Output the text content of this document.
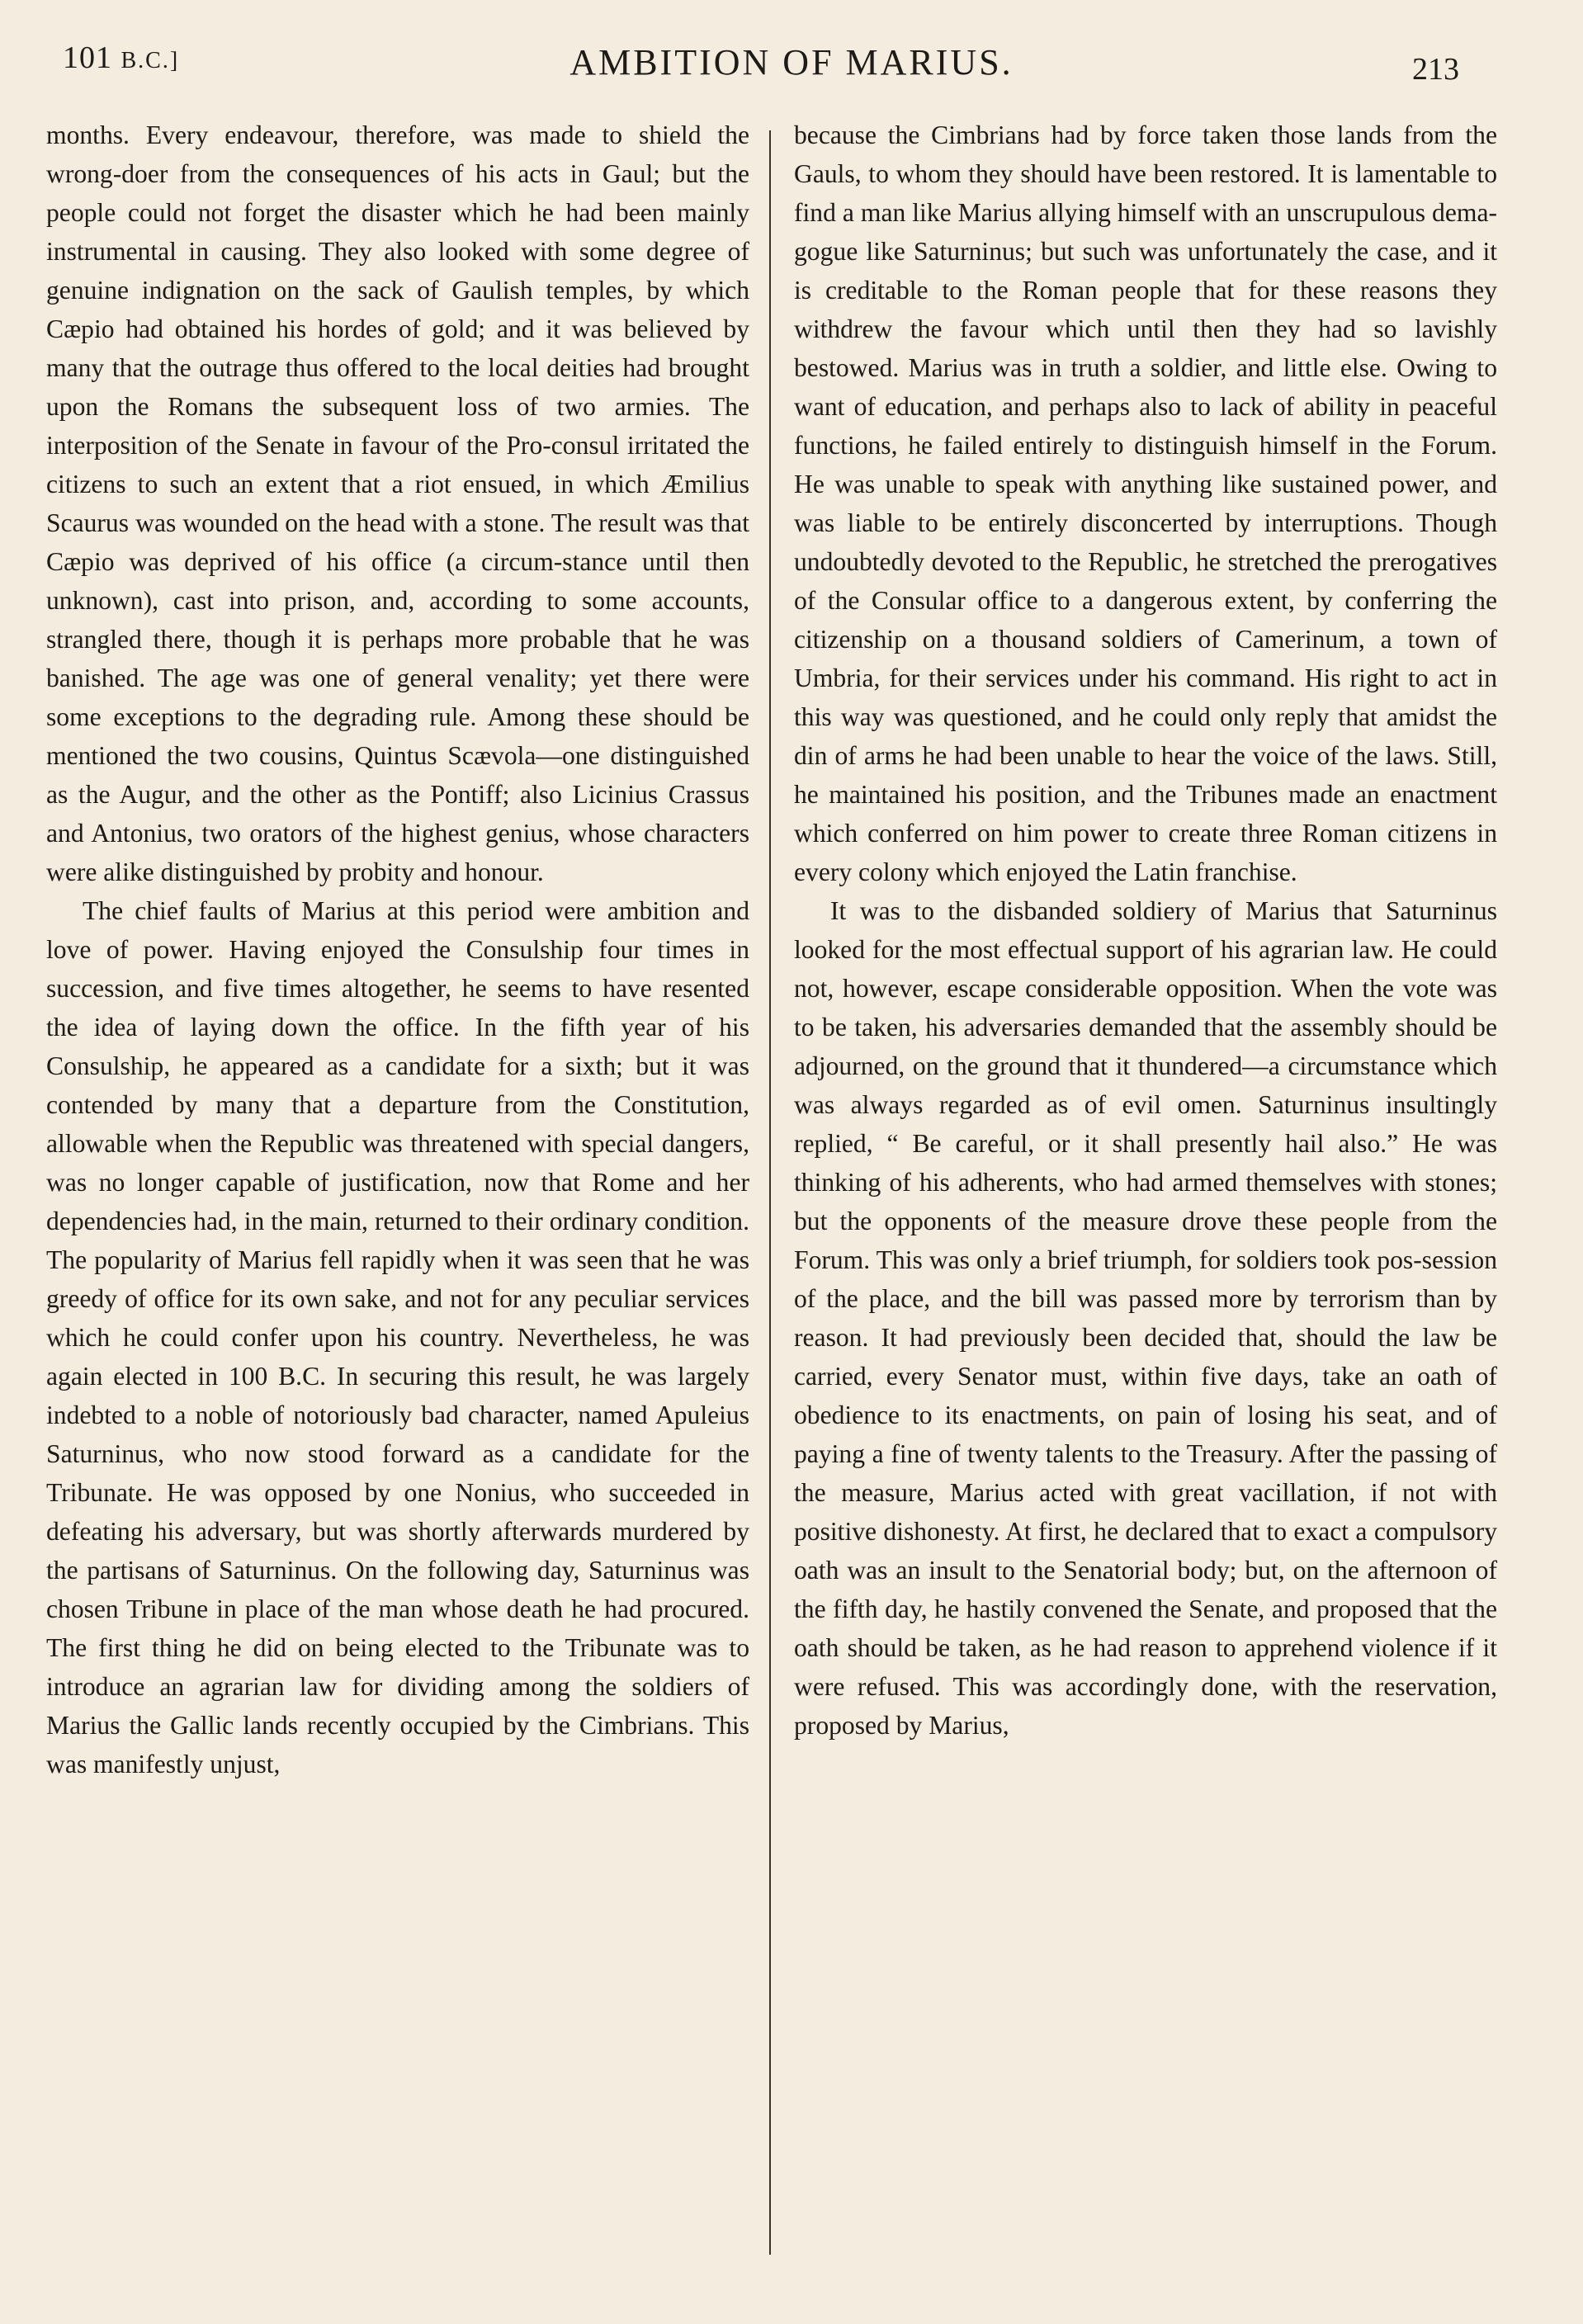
101 B.C.]	AMBITION OF MARIUS.	213

months. Every endeavour, therefore, was made to shield the wrong-doer from the consequences of his acts in Gaul; but the people could not forget the disaster which he had been mainly instrumental in causing. They also looked with some degree of genuine indignation on the sack of Gaulish temples, by which Cæpio had obtained his hordes of gold; and it was believed by many that the outrage thus offered to the local deities had brought upon the Romans the subsequent loss of two armies. The interposition of the Senate in favour of the Pro-consul irritated the citizens to such an extent that a riot ensued, in which Æmilius Scaurus was wounded on the head with a stone. The result was that Cæpio was deprived of his office (a circum-stance until then unknown), cast into prison, and, according to some accounts, strangled there, though it is perhaps more probable that he was banished. The age was one of general venality; yet there were some exceptions to the degrading rule. Among these should be mentioned the two cousins, Quintus Scævola—one distinguished as the Augur, and the other as the Pontiff; also Licinius Crassus and Antonius, two orators of the highest genius, whose characters were alike distinguished by probity and honour.

The chief faults of Marius at this period were ambition and love of power. Having enjoyed the Consulship four times in succession, and five times altogether, he seems to have resented the idea of laying down the office. In the fifth year of his Consulship, he appeared as a candidate for a sixth; but it was contended by many that a departure from the Constitution, allowable when the Republic was threatened with special dangers, was no longer capable of justification, now that Rome and her dependencies had, in the main, returned to their ordinary condition. The popularity of Marius fell rapidly when it was seen that he was greedy of office for its own sake, and not for any peculiar services which he could confer upon his country. Nevertheless, he was again elected in 100 B.C. In securing this result, he was largely indebted to a noble of notoriously bad character, named Apuleius Saturninus, who now stood forward as a candidate for the Tribunate. He was opposed by one Nonius, who succeeded in defeating his adversary, but was shortly afterwards murdered by the partisans of Saturninus. On the following day, Saturninus was chosen Tribune in place of the man whose death he had procured. The first thing he did on being elected to the Tribunate was to introduce an agrarian law for dividing among the soldiers of Marius the Gallic lands recently occupied by the Cimbrians. This was manifestly unjust,

because the Cimbrians had by force taken those lands from the Gauls, to whom they should have been restored. It is lamentable to find a man like Marius allying himself with an unscrupulous dema-gogue like Saturninus; but such was unfortunately the case, and it is creditable to the Roman people that for these reasons they withdrew the favour which until then they had so lavishly bestowed. Marius was in truth a soldier, and little else. Owing to want of education, and perhaps also to lack of ability in peaceful functions, he failed entirely to distinguish himself in the Forum. He was unable to speak with anything like sustained power, and was liable to be entirely disconcerted by interruptions. Though undoubtedly devoted to the Republic, he stretched the prerogatives of the Consular office to a dangerous extent, by conferring the citizenship on a thousand soldiers of Camerinum, a town of Umbria, for their services under his command. His right to act in this way was questioned, and he could only reply that amidst the din of arms he had been unable to hear the voice of the laws. Still, he maintained his position, and the Tribunes made an enactment which conferred on him power to create three Roman citizens in every colony which enjoyed the Latin franchise.

It was to the disbanded soldiery of Marius that Saturninus looked for the most effectual support of his agrarian law. He could not, however, escape considerable opposition. When the vote was to be taken, his adversaries demanded that the assembly should be adjourned, on the ground that it thundered—a circumstance which was always regarded as of evil omen. Saturninus insultingly replied, “ Be careful, or it shall presently hail also.” He was thinking of his adherents, who had armed themselves with stones; but the opponents of the measure drove these people from the Forum. This was only a brief triumph, for soldiers took pos-session of the place, and the bill was passed more by terrorism than by reason. It had previously been decided that, should the law be carried, every Senator must, within five days, take an oath of obedience to its enactments, on pain of losing his seat, and of paying a fine of twenty talents to the Treasury. After the passing of the measure, Marius acted with great vacillation, if not with positive dishonesty. At first, he declared that to exact a compulsory oath was an insult to the Senatorial body; but, on the afternoon of the fifth day, he hastily convened the Senate, and proposed that the oath should be taken, as he had reason to apprehend violence if it were refused. This was accordingly done, with the reservation, proposed by Marius,
